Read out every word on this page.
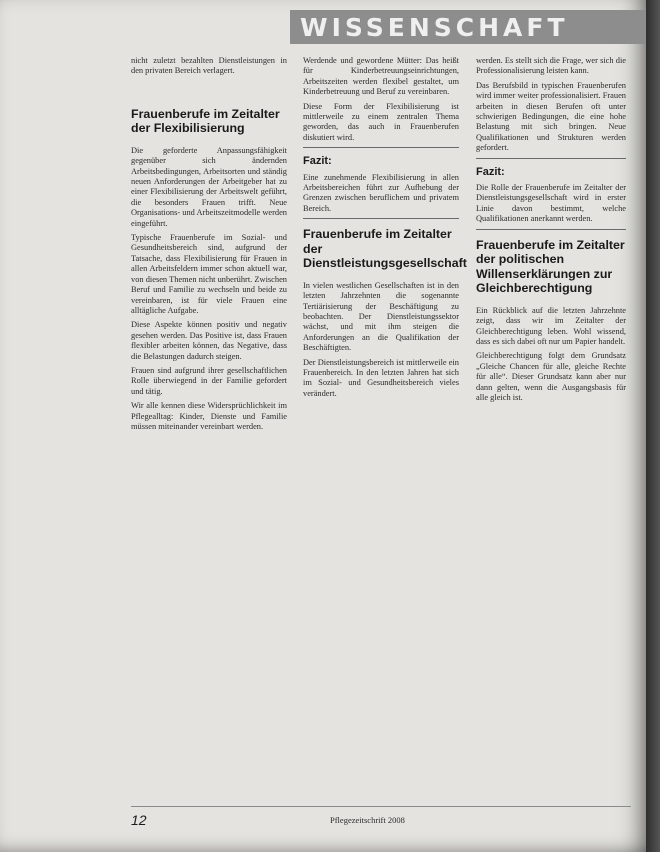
WISSENSCHAFT

nicht zuletzt bezahlten Dienstleistungen in den privaten Bereich verlagert.

Frauenberufe im Zeitalter der Flexibilisierung

Die geforderte Anpassungsfähigkeit gegenüber sich ändernden Arbeitsbedingungen, Arbeitsorten und ständig neuen Anforderungen der Arbeitgeber hat zu einer Flexibilisierung der Arbeitswelt geführt, die besonders Frauen trifft. Neue Organisations- und Arbeitszeitmodelle werden eingeführt.

Typische Frauenberufe im Sozial- und Gesundheitsbereich sind, aufgrund der Tatsache, dass Flexibilisierung für Frauen in allen Arbeitsfeldern immer schon aktuell war, von diesen Themen nicht unberührt. Zwischen Beruf und Familie zu wechseln und beide zu vereinbaren, ist für viele Frauen eine alltägliche Aufgabe.

Diese Aspekte können positiv und negativ gesehen werden. Das Positive ist, dass Frauen flexibler arbeiten können, das Negative, dass die Belastungen dadurch steigen.

Frauen sind aufgrund ihrer gesellschaftlichen Rolle überwiegend in der Familie gefordert und tätig.

Wir alle kennen diese Widersprüchlichkeit im Pflegealltag: Kinder, Dienste und Familie müssen miteinander vereinbart werden.

Werdende und gewordene Mütter: Das heißt für Kinderbetreuungseinrichtungen, Arbeitszeiten werden flexibel gestaltet, um Kinderbetreuung und Beruf zu vereinbaren.

Diese Form der Flexibilisierung ist mittlerweile zu einem zentralen Thema geworden, das auch in Frauenberufen diskutiert wird.

Fazit:

Eine zunehmende Flexibilisierung in allen Arbeitsbereichen führt zur Aufhebung der Grenzen zwischen beruflichem und privatem Bereich.

Frauenberufe im Zeitalter der Dienstleistungsgesellschaft

In vielen westlichen Gesellschaften ist in den letzten Jahrzehnten die sogenannte Tertiärisierung der Beschäftigung zu beobachten. Der Dienstleistungssektor wächst, und mit ihm steigen die Anforderungen an die Qualifikation der Beschäftigten.

Der Dienstleistungsbereich ist mittlerweile ein Frauenbereich. In den letzten Jahren hat sich im Sozial- und Gesundheitsbereich vieles verändert.

werden. Es stellt sich die Frage, wer sich die Professionalisierung leisten kann.

Das Berufsbild in typischen Frauenberufen wird immer weiter professionalisiert. Frauen arbeiten in diesen Berufen oft unter schwierigen Bedingungen, die eine hohe Belastung mit sich bringen. Neue Qualifikationen und Strukturen werden gefordert.

Fazit:

Die Rolle der Frauenberufe im Zeitalter der Dienstleistungsgesellschaft wird in erster Linie davon bestimmt, welche Qualifikationen anerkannt werden.

Frauenberufe im Zeitalter der politischen Willenserklärungen zur Gleichberechtigung

Ein Rückblick auf die letzten Jahrzehnte zeigt, dass wir im Zeitalter der Gleichberechtigung leben. Wohl wissend, dass es sich dabei oft nur um Papier handelt.

Gleichberechtigung folgt dem Grundsatz „Gleiche Chancen für alle, gleiche Rechte für alle“. Dieser Grundsatz kann aber nur dann gelten, wenn die Ausgangsbasis für alle gleich ist.

12	Pflegezeitschrift 2008
